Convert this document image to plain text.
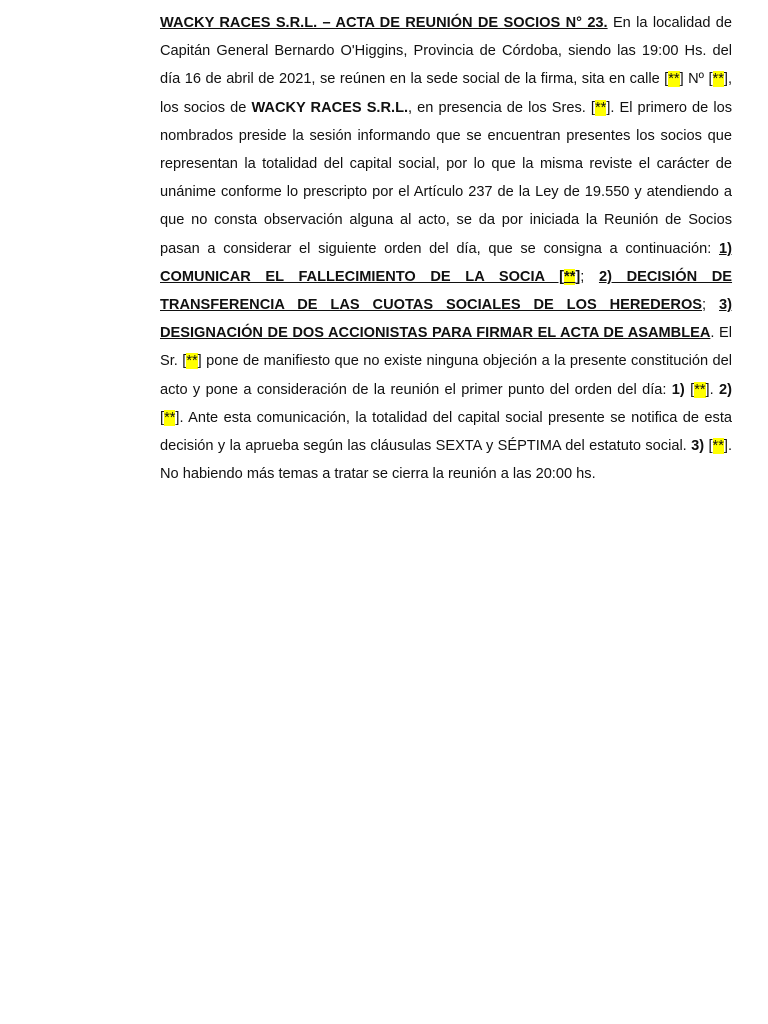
WACKY RACES S.R.L. – ACTA DE REUNIÓN DE SOCIOS N° 23. En la localidad de Capitán General Bernardo O'Higgins, Provincia de Córdoba, siendo las 19:00 Hs. del día 16 de abril de 2021, se reúnen en la sede social de la firma, sita en calle [**] Nº [**], los socios de WACKY RACES S.R.L., en presencia de los Sres. [**]. El primero de los nombrados preside la sesión informando que se encuentran presentes los socios que representan la totalidad del capital social, por lo que la misma reviste el carácter de unánime conforme lo prescripto por el Artículo 237 de la Ley de 19.550 y atendiendo a que no consta observación alguna al acto, se da por iniciada la Reunión de Socios pasan a considerar el siguiente orden del día, que se consigna a continuación: 1) COMUNICAR EL FALLECIMIENTO DE LA SOCIA [**]; 2) DECISIÓN DE TRANSFERENCIA DE LAS CUOTAS SOCIALES DE LOS HEREDEROS; 3) DESIGNACIÓN DE DOS ACCIONISTAS PARA FIRMAR EL ACTA DE ASAMBLEA. El Sr. [**] pone de manifiesto que no existe ninguna objeción a la presente constitución del acto y pone a consideración de la reunión el primer punto del orden del día: 1) [**]. 2) [**]. Ante esta comunicación, la totalidad del capital social presente se notifica de esta decisión y la aprueba según las cláusulas SEXTA y SÉPTIMA del estatuto social. 3) [**]. No habiendo más temas a tratar se cierra la reunión a las 20:00 hs.
